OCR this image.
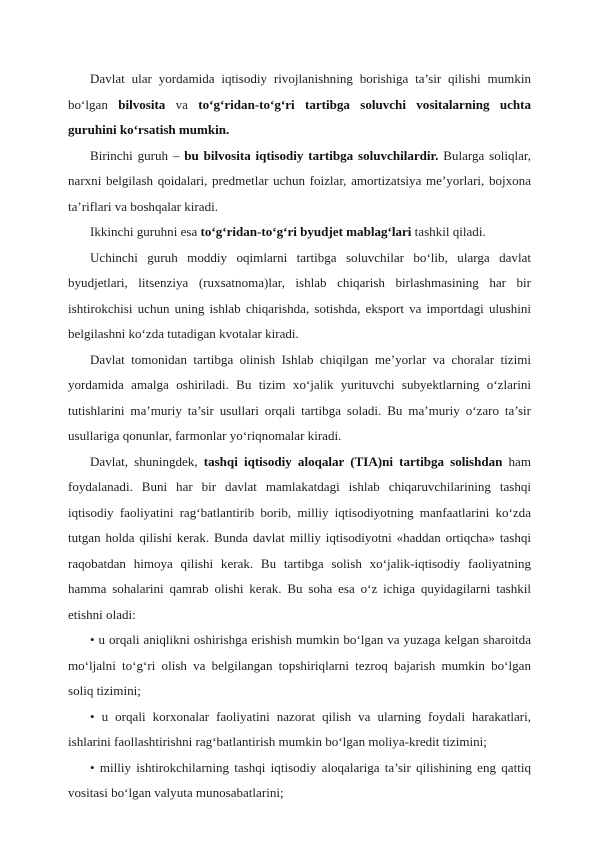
Davlat ular yordamida iqtisodiy rivojlanishning borishiga ta’sir qilishi mumkin bo‘lgan bilvosita va to‘g‘ridan-to‘g‘ri tartibga soluvchi vositalarning uchta guruhini ko‘rsatish mumkin.

Birinchi guruh – bu bilvosita iqtisodiy tartibga soluvchilardir. Bularga soliqlar, narxni belgilash qoidalari, predmetlar uchun foizlar, amortizatsiya me’yorlari, bojxona ta’riflari va boshqalar kiradi.

Ikkinchi guruhni esa to‘g‘ridan-to‘g‘ri byudjet mablag‘lari tashkil qiladi.

Uchinchi guruh moddiy oqimlarni tartibga soluvchilar bo‘lib, ularga davlat byudjetlari, litsenziya (ruxsatnoma)lar, ishlab chiqarish birlashmasining har bir ishtirokchisi uchun uning ishlab chiqarishda, sotishda, eksport va importdagi ulushini belgilashni ko‘zda tutadigan kvotalar kiradi.

Davlat tomonidan tartibga olinish Ishlab chiqilgan me’yorlar va choralar tizimi yordamida amalga oshiriladi. Bu tizim xo‘jalik yurituvchi subyektlarning o‘zlarini tutishlarini ma’muriy ta’sir usullari orqali tartibga soladi. Bu ma’muriy o‘zaro ta’sir usullariga qonunlar, farmonlar yo‘riqnomalar kiradi.

Davlat, shuningdek, tashqi iqtisodiy aloqalar (TIA)ni tartibga solishdan ham foydalanadi. Buni har bir davlat mamlakatdagi ishlab chiqaruvchilarining tashqi iqtisodiy faoliyatini rag‘batlantirib borib, milliy iqtisodiyotning manfaatlarini ko‘zda tutgan holda qilishi kerak. Bunda davlat milliy iqtisodiyotni «haddan ortiqcha» tashqi raqobatdan himoya qilishi kerak. Bu tartibga solish xo‘jalik-iqtisodiy faoliyatning hamma sohalarini qamrab olishi kerak. Bu soha esa o‘z ichiga quyidagilarni tashkil etishni oladi:

• u orqali aniqlikni oshirishga erishish mumkin bo‘lgan va yuzaga kelgan sharoitda mo‘ljalni to‘g‘ri olish va belgilangan topshiriqlarni tezroq bajarish mumkin bo‘lgan soliq tizimini;

• u orqali korxonalar faoliyatini nazorat qilish va ularning foydali harakatlari, ishlarini faollashtirishni rag‘batlantirish mumkin bo‘lgan moliya-kredit tizimini;

• milliy ishtirokchilarning tashqi iqtisodiy aloqalariga ta’sir qilishining eng qattiq vositasi bo‘lgan valyuta munosabatlarini;
